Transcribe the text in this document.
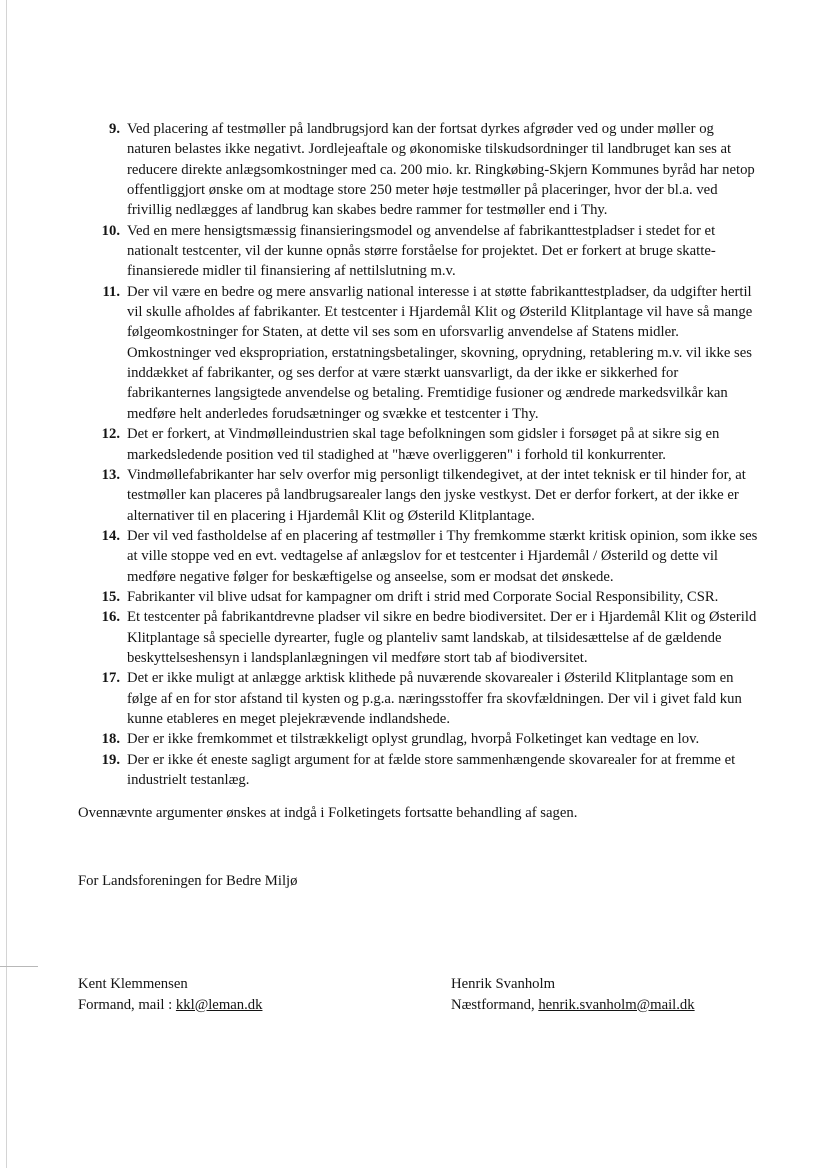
9. Ved placering af testmøller på landbrugsjord kan der fortsat dyrkes afgrøder ved og under møller og naturen belastes ikke negativt. Jordlejeaftale og økonomiske tilskudsordninger til landbruget kan ses at reducere direkte anlægsomkostninger med ca. 200 mio. kr. Ringkøbing-Skjern Kommunes byråd har netop offentliggjort ønske om at modtage store 250 meter høje testmøller på placeringer, hvor der bl.a. ved frivillig nedlægges af landbrug kan skabes bedre rammer for testmøller end i Thy.
10. Ved en mere hensigtsmæssig finansieringsmodel og anvendelse af fabrikanttestpladser i stedet for et nationalt testcenter, vil der kunne opnås større forståelse for projektet. Det er forkert at bruge skatte-finansierede midler til finansiering af nettilslutning m.v.
11. Der vil være en bedre og mere ansvarlig national interesse i at støtte fabrikanttestpladser, da udgifter hertil vil skulle afholdes af fabrikanter. Et testcenter i Hjardemål Klit og Østerild Klitplantage vil have så mange følgeomkostninger for Staten, at dette vil ses som en uforsvarlig anvendelse af Statens midler. Omkostninger ved ekspropriation, erstatningsbetalinger, skovning, oprydning, retablering m.v. vil ikke ses inddækket af fabrikanter, og ses derfor at være stærkt uansvarligt, da der ikke er sikkerhed for fabrikanternes langsigtede anvendelse og betaling. Fremtidige fusioner og ændrede markedsvilkår kan medføre helt anderledes forudsætninger og svække et testcenter i Thy.
12. Det er forkert, at Vindmølleindustrien skal tage befolkningen som gidsler i forsøget på at sikre sig en markedsledende position ved til stadighed at "hæve overliggeren" i forhold til konkurrenter.
13. Vindmøllefabrikanter har selv overfor mig personligt tilkendegivet, at der intet teknisk er til hinder for, at testmøller kan placeres på landbrugsarealer langs den jyske vestkyst. Det er derfor forkert, at der ikke er alternativer til en placering i Hjardemål Klit og Østerild Klitplantage.
14. Der vil ved fastholdelse af en placering af testmøller i Thy fremkomme stærkt kritisk opinion, som ikke ses at ville stoppe ved en evt. vedtagelse af anlægslov for et testcenter i Hjardemål / Østerild og dette vil medføre negative følger for beskæftigelse og anseelse, som er modsat det ønskede.
15. Fabrikanter vil blive udsat for kampagner om drift i strid med Corporate Social Responsibility, CSR.
16. Et testcenter på fabrikantdrevne pladser vil sikre en bedre biodiversitet. Der er i Hjardemål Klit og Østerild Klitplantage så specielle dyrearter, fugle og planteliv samt landskab, at tilsidesættelse af de gældende beskyttelseshensyn i landsplanlægningen vil medføre stort tab af biodiversitet.
17. Det er ikke muligt at anlægge arktisk klithede på nuværende skovarealer i Østerild Klitplantage som en følge af en for stor afstand til kysten og p.g.a. næringsstoffer fra skovfældningen. Der vil i givet fald kun kunne etableres en meget plejekrævende indlandshede.
18. Der er ikke fremkommet et tilstrækkeligt oplyst grundlag, hvorpå Folketinget kan vedtage en lov.
19. Der er ikke ét eneste sagligt argument for at fælde store sammenhængende skovarealer for at fremme et industrielt testanlæg.

Ovennævnte argumenter ønskes at indgå i Folketingets fortsatte behandling af sagen.

For Landsforeningen for Bedre Miljø

Kent Klemmensen
Formand, mail : kkl@leman.dk
Henrik Svanholm
Næstformand, henrik.svanholm@mail.dk
